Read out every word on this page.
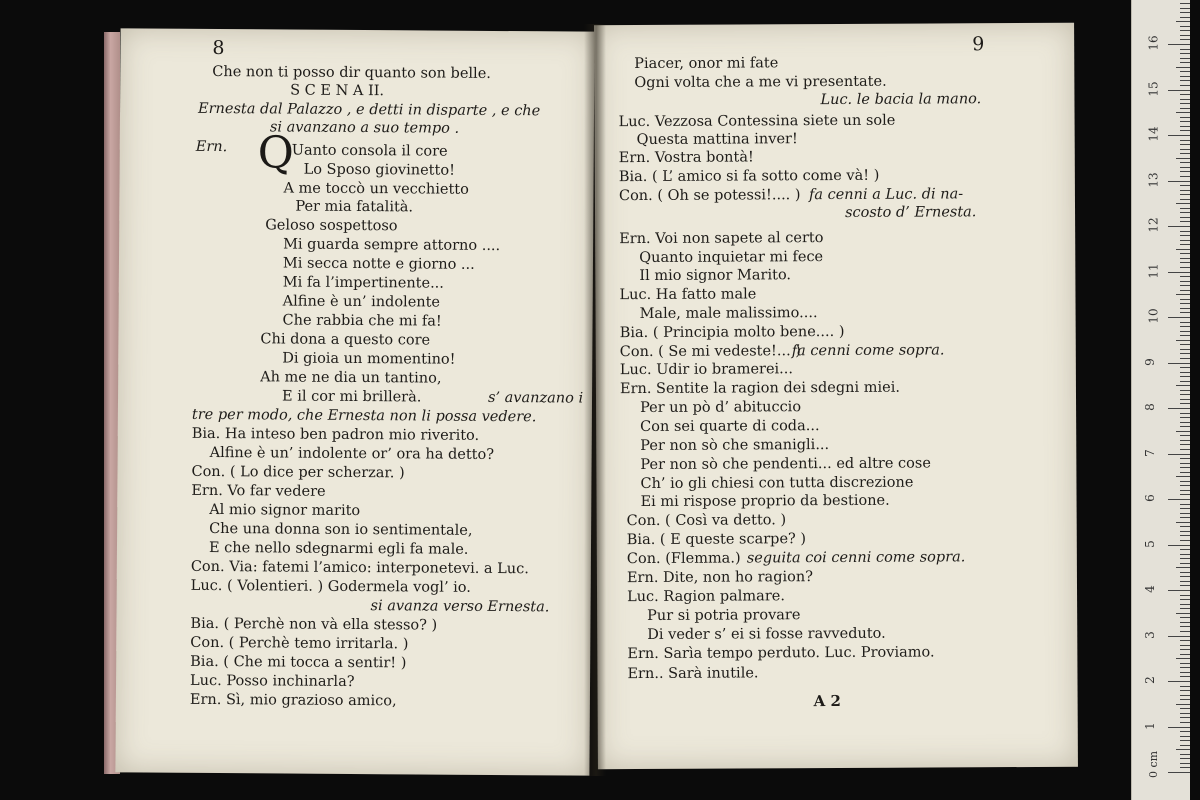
8
Q
Che non ti posso dir quanto son belle.
S C E N A II.
Ernesta dal Palazzo , e detti in disparte , e che
si avanzano a suo tempo .
Ern.	Uanto consola il core
Lo Sposo giovinetto!
A me toccò un vecchietto
Per mia fatalità.
Geloso sospettoso
Mi guarda sempre attorno ....
Mi secca notte e giorno ...
Mi fa l’impertinente...
Alfine è un’ indolente
Che rabbia che mi fa!
Chi dona a questo core
Di gioia un momentino!
Ah me ne dia un tantino,
E il cor mi brillerà.	s’ avanzano i
tre per modo, che Ernesta non li possa vedere.
Bia. Ha inteso ben padron mio riverito.
Alfine è un’ indolente or’ ora ha detto?
Con. ( Lo dice per scherzar. )
Ern. Vo far vedere
Al mio signor marito
Che una donna son io sentimentale,
E che nello sdegnarmi egli fa male.
Con. Via: fatemi l’amico: interponetevi. a Luc.
Luc. ( Volentieri. ) Godermela vogl’ io.
si avanza verso Ernesta.
Bia. ( Perchè non và ella stesso? )
Con. ( Perchè temo irritarla. )
Bia. ( Che mi tocca a sentir! )
Luc. Posso inchinarla?
Ern. Sì, mio grazioso amico,
9
Piacer, onor mi fate
Ogni volta che a me vi presentate.
Luc. le bacia la mano.
Luc. Vezzosa Contessina siete un sole
Questa mattina inver!
Ern. Vostra bontà!
Bia. ( L’ amico si fa sotto come và! )
Con. ( Oh se potessi!.... ) fa cenni a Luc. di na-
scosto d’ Ernesta.
Ern. Voi non sapete al certo
Quanto inquietar mi fece
Il mio signor Marito.
Luc. Ha fatto male
Male, male malissimo....
Bia. ( Principia molto bene.... )
Con. ( Se mi vedeste!... )
fa cenni come sopra.
Luc. Udir io bramerei...
Ern. Sentite la ragion dei sdegni miei.
Per un pò d’ abituccio
Con sei quarte di coda...
Per non sò che smanigli...
Per non sò che pendenti... ed altre cose
Ch’ io gli chiesi con tutta discrezione
Ei mi rispose proprio da bestione.
Con. ( Così va detto. )
Bia. ( E queste scarpe? )
Con. (Flemma.) seguita coi cenni come sopra.
Ern. Dite, non ho ragion?
Luc. Ragion palmare.
Pur si potria provare
Di veder s’ ei si fosse ravveduto.
Ern. Sarìa tempo perduto. Luc. Proviamo.
Ern.. Sarà inutile.
A 2
1
2
3
4
5
6
7
8
9
10
11
12
13
14
15
16
0 cm
